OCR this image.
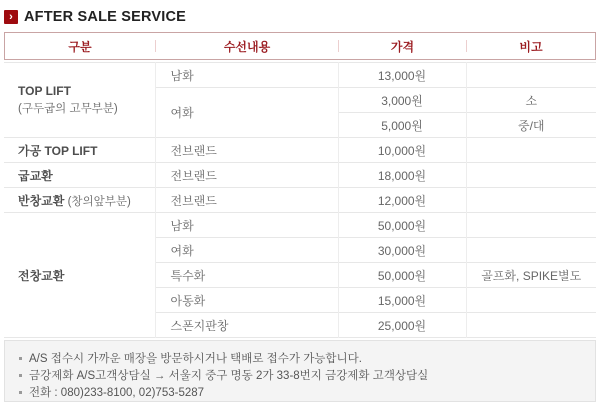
› AFTER SALE SERVICE
구분	수선내용	가격	비고
TOP LIFT
(구두굽의 고무부분)	남화	13,000원	
	여화	3,000원	소
		5,000원	중/대
가공 TOP LIFT	전브랜드	10,000원	
굽교환	전브랜드	18,000원	
반창교환 (창의앞부분)	전브랜드	12,000원	
전창교환	남화	50,000원	
	여화	30,000원	
	특수화	50,000원	골프화, SPIKE별도
	아동화	15,000원	
	스폰지판창	25,000원	
A/S 접수시 가까운 매장을 방문하시거나 택배로 접수가 가능합니다.
금강제화 A/S고객상담실 → 서울지 중구 명동 2가 33-8번지 금강제화 고객상담실
전화 : 080)233-8100, 02)753-5287
